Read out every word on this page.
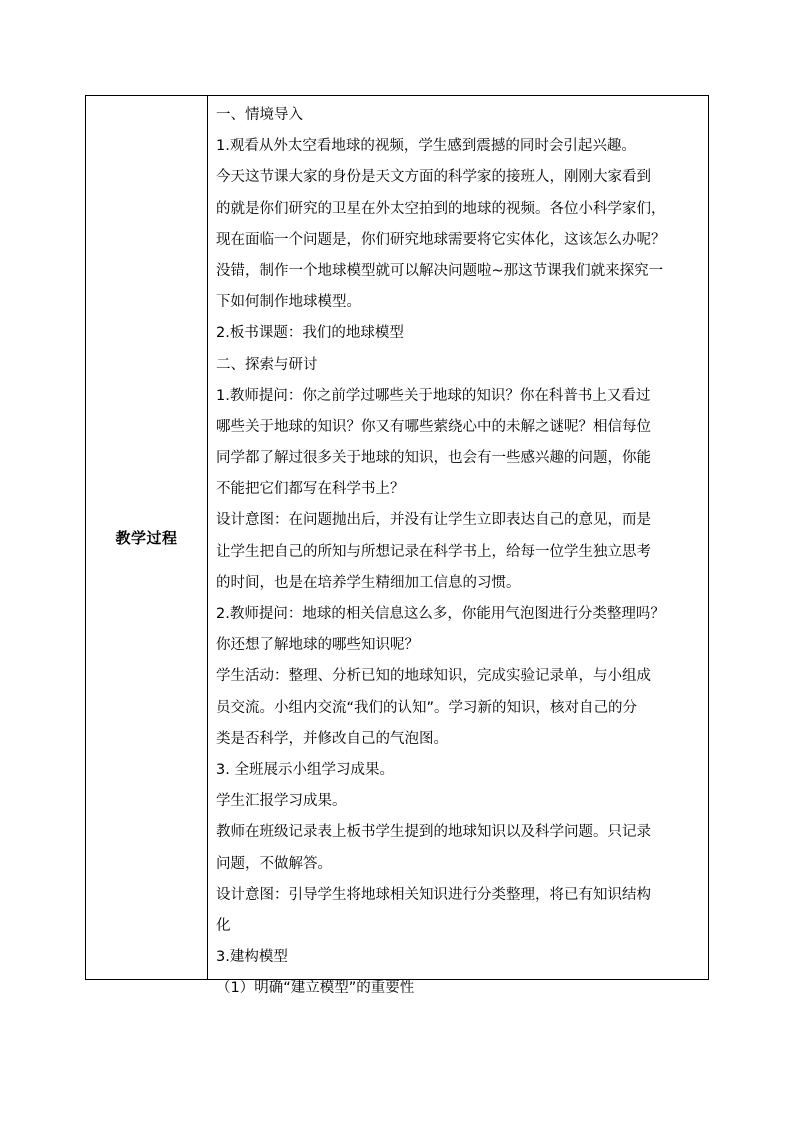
教学过程
一、情境导入
1.观看从外太空看地球的视频，学生感到震撼的同时会引起兴趣。
今天这节课大家的身份是天文方面的科学家的接班人，刚刚大家看到
的就是你们研究的卫星在外太空拍到的地球的视频。各位小科学家们，
现在面临一个问题是，你们研究地球需要将它实体化，这该怎么办呢？
没错，制作一个地球模型就可以解决问题啦~那这节课我们就来探究一
下如何制作地球模型。
2.板书课题：我们的地球模型
二、探索与研讨
1.教师提问：你之前学过哪些关于地球的知识？你在科普书上又看过
哪些关于地球的知识？你又有哪些萦绕心中的未解之谜呢？相信每位
同学都了解过很多关于地球的知识，也会有一些感兴趣的问题，你能
不能把它们都写在科学书上？
设计意图：在问题抛出后，并没有让学生立即表达自己的意见，而是
让学生把自己的所知与所想记录在科学书上，给每一位学生独立思考
的时间，也是在培养学生精细加工信息的习惯。
2.教师提问：地球的相关信息这么多，你能用气泡图进行分类整理吗？
你还想了解地球的哪些知识呢？
学生活动：整理、分析已知的地球知识，完成实验记录单，与小组成
员交流。小组内交流“我们的认知”。学习新的知识，核对自己的分
类是否科学，并修改自己的气泡图。
3. 全班展示小组学习成果。
学生汇报学习成果。
教师在班级记录表上板书学生提到的地球知识以及科学问题。只记录
问题，不做解答。
设计意图：引导学生将地球相关知识进行分类整理，将已有知识结构
化
3.建构模型
（1）明确“建立模型”的重要性
